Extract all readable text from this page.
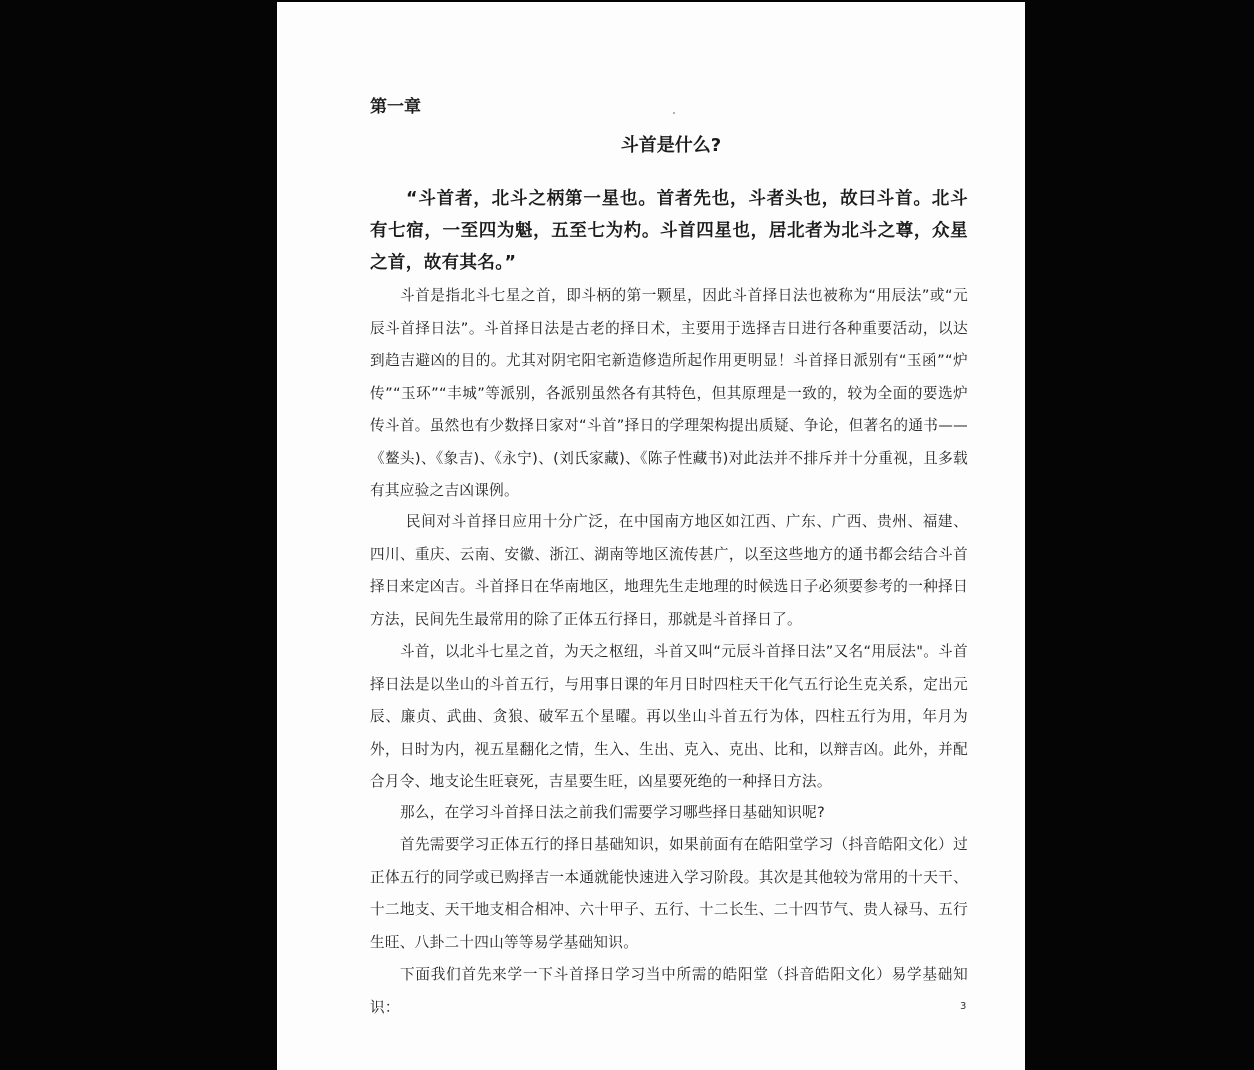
第一章
斗首是什么?
“斗首者，北斗之柄第一星也。首者先也，斗者头也，故曰斗首。北斗有七宿，一至四为魁，五至七为杓。斗首四星也，居北者为北斗之尊，众星之首，故有其名。”
斗首是指北斗七星之首，即斗柄的第一颗星，因此斗首择日法也被称为“用辰法”或“元辰斗首择日法”。斗首择日法是古老的择日术，主要用于选择吉日进行各种重要活动，以达到趋吉避凶的目的。尤其对阴宅阳宅新造修造所起作用更明显！斗首择日派别有“玉函”“炉传”“玉环”“丰城”等派别，各派别虽然各有其特色，但其原理是一致的，较为全面的要选炉传斗首。虽然也有少数择日家对“斗首”择日的学理架构提出质疑、争论，但著名的通书——《鳌头)、《象吉)、《永宁)、(刘氏家藏)、《陈子性藏书)对此法并不排斥并十分重视，且多载有其应验之吉凶课例。
民间对斗首择日应用十分广泛，在中国南方地区如江西、广东、广西、贵州、福建、四川、重庆、云南、安徽、浙江、湖南等地区流传甚广，以至这些地方的通书都会结合斗首择日来定凶吉。斗首择日在华南地区，地理先生走地理的时候选日子必须要参考的一种择日方法，民间先生最常用的除了正体五行择日，那就是斗首择日了。
斗首，以北斗七星之首，为天之枢纽，斗首又叫“元辰斗首择日法”又名“用辰法"。斗首择日法是以坐山的斗首五行，与用事日课的年月日时四柱天干化气五行论生克关系，定出元辰、廉贞、武曲、贪狼、破军五个星曜。再以坐山斗首五行为体，四柱五行为用，年月为外，日时为内，视五星翻化之情，生入、生出、克入、克出、比和，以辩吉凶。此外，并配合月令、地支论生旺衰死，吉星要生旺，凶星要死绝的一种择日方法。
那么，在学习斗首择日法之前我们需要学习哪些择日基础知识呢?
首先需要学习正体五行的择日基础知识，如果前面有在皓阳堂学习（抖音皓阳文化）过正体五行的同学或已购择吉一本通就能快速进入学习阶段。其次是其他较为常用的十天干、十二地支、天干地支相合相冲、六十甲子、五行、十二长生、二十四节气、贵人禄马、五行生旺、八卦二十四山等等易学基础知识。
下面我们首先来学一下斗首择日学习当中所需的皓阳堂（抖音皓阳文化）易学基础知识：	3
